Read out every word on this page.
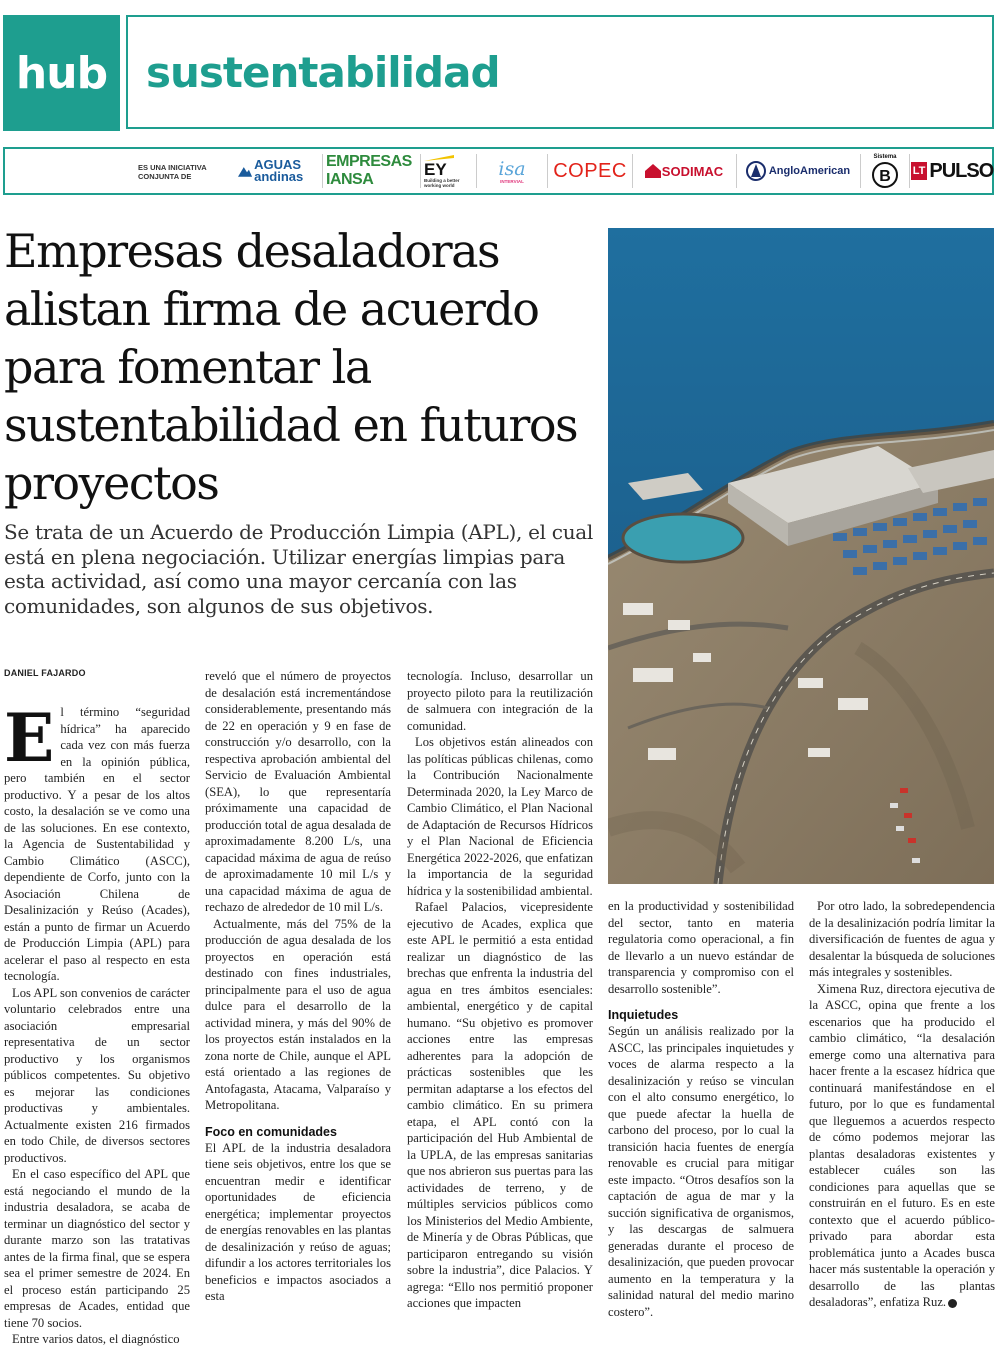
hub sustentabilidad
ES UNA INICIATIVA CONJUNTA DE
AGUAS andinas
EMPRESAS IANSA
EY
Building a better working world
isa
INTERVIAL COPEC	SODIMAC	AngloAmerican
Sistema
B LT PULSO
Empresas desaladoras alistan firma de acuerdo para fomentar la sustentabilidad en futuros proyectos

Se trata de un Acuerdo de Producción Limpia (APL), el cual está en plena negociación. Utilizar energías limpias para esta actividad, así como una mayor cercanía con las comunidades, son algunos de sus objetivos.

DANIEL FAJARDO

El término “seguridad hídrica” ha aparecido cada vez con más fuerza en la opinión pública, pero también en el sector productivo. Y a pesar de los altos costo, la desalación se ve como una de las soluciones. En ese contexto, la Agencia de Sustentabilidad y Cambio Climático (ASCC), dependiente de Corfo, junto con la Asociación Chilena de Desalinización y Reúso (Acades), están a punto de firmar un Acuerdo de Producción Limpia (APL) para acelerar el paso al respecto en esta tecnología.

Los APL son convenios de carácter voluntario celebrados entre una asociación empresarial representativa de un sector productivo y los organismos públicos competentes. Su objetivo es mejorar las condiciones productivas y ambientales. Actualmente existen 216 firmados en todo Chile, de diversos sectores productivos.

En el caso específico del APL que está negociando el mundo de la industria desaladora, se acaba de terminar un diagnóstico del sector y durante marzo son las tratativas antes de la firma final, que se espera sea el primer semestre de 2024. En el proceso están participando 25 empresas de Acades, entidad que tiene 70 socios.

Entre varios datos, el diagnóstico

reveló que el número de proyectos de desalación está incrementándose considerablemente, presentando más de 22 en operación y 9 en fase de construcción y/o desarrollo, con la respectiva aprobación ambiental del Servicio de Evaluación Ambiental (SEA), lo que representaría próximamente una capacidad de producción total de agua desalada de aproximadamente 8.200 L/s, una capacidad máxima de agua de reúso de aproximadamente 10 mil L/s y una capacidad máxima de agua de rechazo de alrededor de 10 mil L/s.

Actualmente, más del 75% de la producción de agua desalada de los proyectos en operación está destinado con fines industriales, principalmente para el uso de agua dulce para el desarrollo de la actividad minera, y más del 90% de los proyectos están instalados en la zona norte de Chile, aunque el APL está orientado a las regiones de Antofagasta, Atacama, Valparaíso y Metropolitana.

Foco en comunidades

El APL de la industria desaladora tiene seis objetivos, entre los que se encuentran medir e identificar oportunidades de eficiencia energética; implementar proyectos de energías renovables en las plantas de desalinización y reúso de aguas; difundir a los actores territoriales los beneficios e impactos asociados a esta

tecnología. Incluso, desarrollar un proyecto piloto para la reutilización de salmuera con integración de la comunidad.

Los objetivos están alineados con las políticas públicas chilenas, como la Contribución Nacionalmente Determinada 2020, la Ley Marco de Cambio Climático, el Plan Nacional de Adaptación de Recursos Hídricos y el Plan Nacional de Eficiencia Energética 2022-2026, que enfatizan la importancia de la seguridad hídrica y la sostenibilidad ambiental.

Rafael Palacios, vicepresidente ejecutivo de Acades, explica que este APL le permitió a esta entidad realizar un diagnóstico de las brechas que enfrenta la industria del agua en tres ámbitos esenciales: ambiental, energético y de capital humano. “Su objetivo es promover acciones entre las empresas adherentes para la adopción de prácticas sostenibles que les permitan adaptarse a los efectos del cambio climático. En su primera etapa, el APL contó con la participación del Hub Ambiental de la UPLA, de las empresas sanitarias que nos abrieron sus puertas para las actividades de terreno, y de múltiples servicios públicos como los Ministerios del Medio Ambiente, de Minería y de Obras Públicas, que participaron entregando su visión sobre la industria”, dice Palacios. Y agrega: “Ello nos permitió proponer acciones que impacten

en la productividad y sostenibilidad del sector, tanto en materia regulatoria como operacional, a fin de llevarlo a un nuevo estándar de transparencia y compromiso con el desarrollo sostenible”.

Inquietudes

Según un análisis realizado por la ASCC, las principales inquietudes y voces de alarma respecto a la desalinización y reúso se vinculan con el alto consumo energético, lo que puede afectar la huella de carbono del proceso, por lo cual la transición hacia fuentes de energía renovable es crucial para mitigar este impacto. “Otros desafíos son la captación de agua de mar y la succión significativa de organismos, y las descargas de salmuera generadas durante el proceso de desalinización, que pueden provocar aumento en la temperatura y la salinidad natural del medio marino costero”.

Por otro lado, la sobredependencia de la desalinización podría limitar la diversificación de fuentes de agua y desalentar la búsqueda de soluciones más integrales y sostenibles.

Ximena Ruz, directora ejecutiva de la ASCC, opina que frente a los escenarios que ha producido el cambio climático, “la desalación emerge como una alternativa para hacer frente a la escasez hídrica que continuará manifestándose en el futuro, por lo que es fundamental que lleguemos a acuerdos respecto de cómo podemos mejorar las plantas desaladoras existentes y establecer cuáles son las condiciones para aquellas que se construirán en el futuro. Es en este contexto que el acuerdo público-privado para abordar esta problemática junto a Acades busca hacer más sustentable la operación y desarrollo de las plantas desaladoras”, enfatiza Ruz.
